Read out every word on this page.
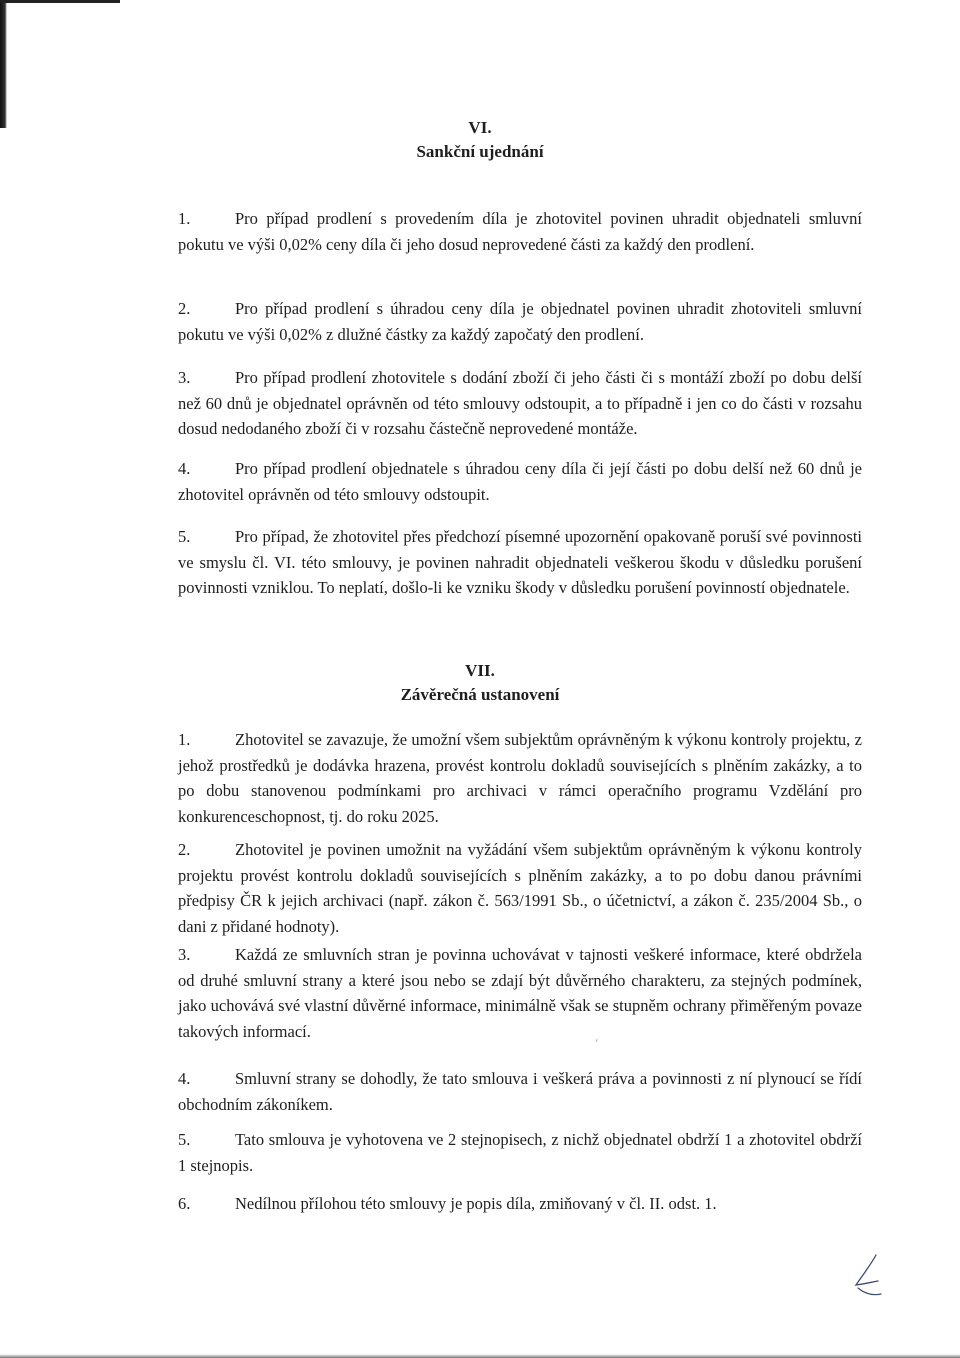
VI.
Sankční ujednání

1.	Pro případ prodlení s provedením díla je zhotovitel povinen uhradit objednateli smluvní pokutu ve výši 0,02% ceny díla či jeho dosud neprovedené části za každý den prodlení.

2.	Pro případ prodlení s úhradou ceny díla je objednatel povinen uhradit zhotoviteli smluvní pokutu ve výši 0,02% z dlužné částky za každý započatý den prodlení.

3.	Pro případ prodlení zhotovitele s dodání zboží či jeho části či s montáží zboží po dobu delší než 60 dnů je objednatel oprávněn od této smlouvy odstoupit, a to případně i jen co do části v rozsahu dosud nedodaného zboží či v rozsahu částečně neprovedené montáže.

4.	Pro případ prodlení objednatele s úhradou ceny díla či její části po dobu delší než 60 dnů je zhotovitel oprávněn od této smlouvy odstoupit.

5.	Pro případ, že zhotovitel přes předchozí písemné upozornění opakovaně poruší své povinnosti ve smyslu čl. VI. této smlouvy, je povinen nahradit objednateli veškerou škodu v důsledku porušení povinnosti vzniklou. To neplatí, došlo-li ke vzniku škody v důsledku porušení povinností objednatele.

VII.
Závěrečná ustanovení

1.	Zhotovitel se zavazuje, že umožní všem subjektům oprávněným k výkonu kontroly projektu, z jehož prostředků je dodávka hrazena, provést kontrolu dokladů souvisejících s plněním zakázky, a to po dobu stanovenou podmínkami pro archivaci v rámci operačního programu Vzdělání pro konkurenceschopnost, tj. do roku 2025.

2.	Zhotovitel je povinen umožnit na vyžádání všem subjektům oprávněným k výkonu kontroly projektu provést kontrolu dokladů souvisejících s plněním zakázky, a to po dobu danou právními předpisy ČR k jejich archivaci (např. zákon č. 563/1991 Sb., o účetnictví, a zákon č. 235/2004 Sb., o dani z přidané hodnoty).

3.	Každá ze smluvních stran je povinna uchovávat v tajnosti veškeré informace, které obdržela od druhé smluvní strany a které jsou nebo se zdají být důvěrného charakteru, za stejných podmínek, jako uchovává své vlastní důvěrné informace, minimálně však se stupněm ochrany přiměřeným povaze takových informací.

'

4.	Smluvní strany se dohodly, že tato smlouva i veškerá práva a povinnosti z ní plynoucí se řídí obchodním zákoníkem.

5.	Tato smlouva je vyhotovena ve 2 stejnopisech, z nichž objednatel obdrží 1 a zhotovitel obdrží 1 stejnopis.

6.	Nedílnou přílohou této smlouvy je popis díla, zmiňovaný v čl. II. odst. 1.
